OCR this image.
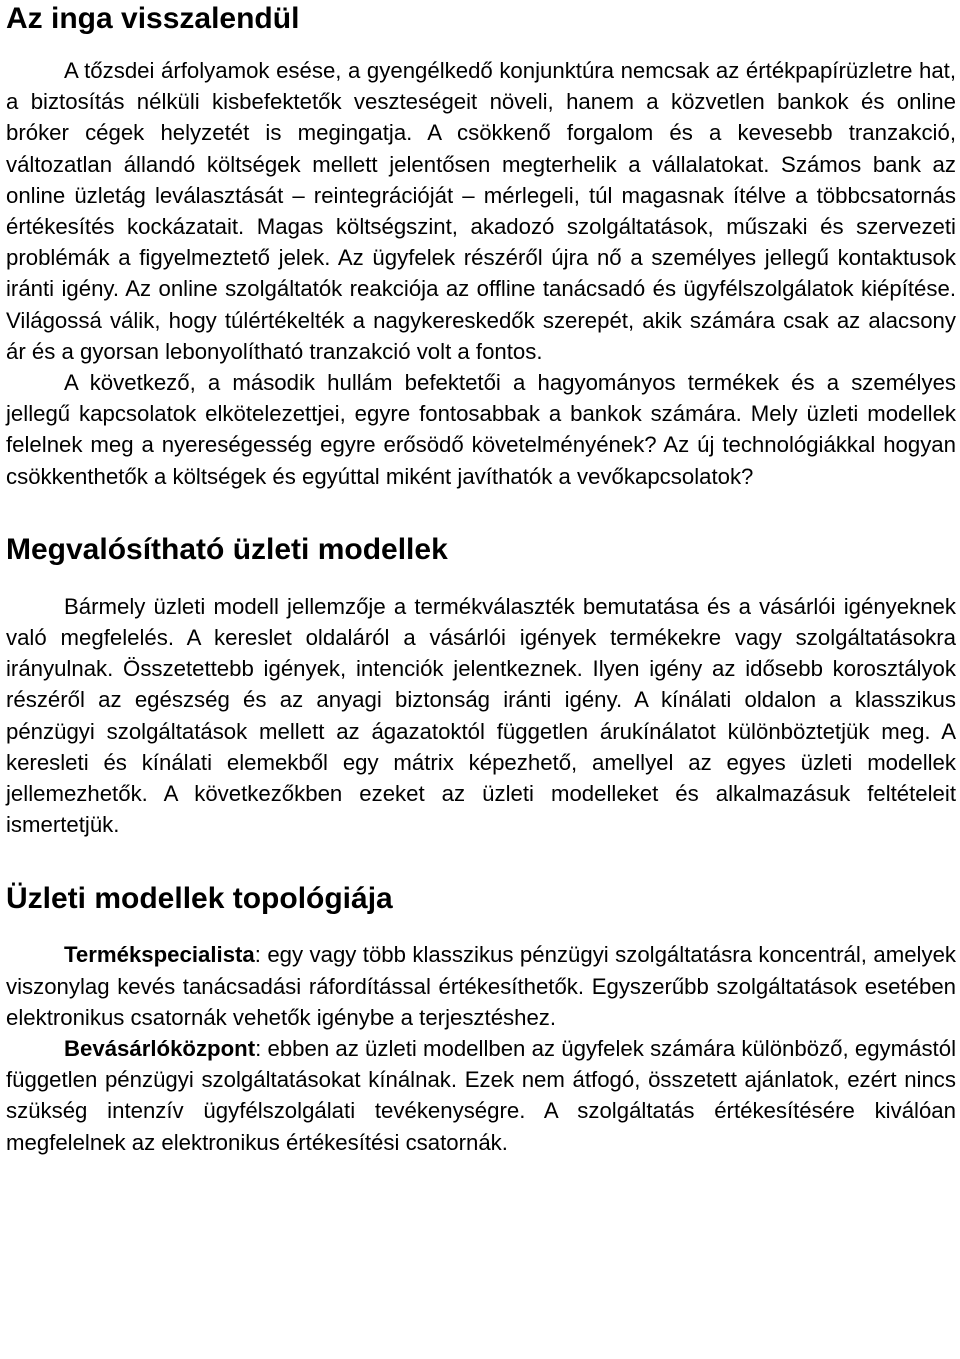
Az inga visszalendül

A tőzsdei árfolyamok esése, a gyengélkedő konjunktúra nemcsak az értékpapírüzletre hat, a biztosítás nélküli kisbefektetők veszteségeit növeli, hanem a közvetlen bankok és online bróker cégek helyzetét is megingatja. A csökkenő forgalom és a kevesebb tranzakció, változatlan állandó költségek mellett jelentősen megterhelik a vállalatokat. Számos bank az online üzletág leválasztását – reintegrációját – mérlegeli, túl magasnak ítélve a többcsatornás értékesítés kockázatait. Magas költségszint, akadozó szolgáltatások, műszaki és szervezeti problémák a figyelmeztető jelek. Az ügyfelek részéről újra nő a személyes jellegű kontaktusok iránti igény. Az online szolgáltatók reakciója az offline tanácsadó és ügyfélszolgálatok kiépítése. Világossá válik, hogy túlértékelték a nagykereskedők szerepét, akik számára csak az alacsony ár és a gyorsan lebonyolítható tranzakció volt a fontos.

A következő, a második hullám befektetői a hagyományos termékek és a személyes jellegű kapcsolatok elkötelezettjei, egyre fontosabbak a bankok számára. Mely üzleti modellek felelnek meg a nyereségesség egyre erősödő követelményének? Az új technológiákkal hogyan csökkenthetők a költségek és egyúttal miként javíthatók a vevőkapcsolatok?

Megvalósítható üzleti modellek

Bármely üzleti modell jellemzője a termékválaszték bemutatása és a vásárlói igényeknek való megfelelés. A kereslet oldaláról a vásárlói igények termékekre vagy szolgáltatásokra irányulnak. Összetettebb igények, intenciók jelentkeznek. Ilyen igény az idősebb korosztályok részéről az egészség és az anyagi biztonság iránti igény. A kínálati oldalon a klasszikus pénzügyi szolgáltatások mellett az ágazatoktól független árukínálatot különböztetjük meg. A keresleti és kínálati elemekből egy mátrix képezhető, amellyel az egyes üzleti modellek jellemezhetők. A következőkben ezeket az üzleti modelleket és alkalmazásuk feltételeit ismertetjük.

Üzleti modellek topológiája

Termékspecialista: egy vagy több klasszikus pénzügyi szolgáltatásra koncentrál, amelyek viszonylag kevés tanácsadási ráfordítással értékesíthetők. Egyszerűbb szolgáltatások esetében elektronikus csatornák vehetők igénybe a terjesztéshez.

Bevásárlóközpont: ebben az üzleti modellben az ügyfelek számára különböző, egymástól független pénzügyi szolgáltatásokat kínálnak. Ezek nem átfogó, összetett ajánlatok, ezért nincs szükség intenzív ügyfélszolgálati tevékenységre. A szolgáltatás értékesítésére kiválóan megfelelnek az elektronikus értékesítési csatornák.
